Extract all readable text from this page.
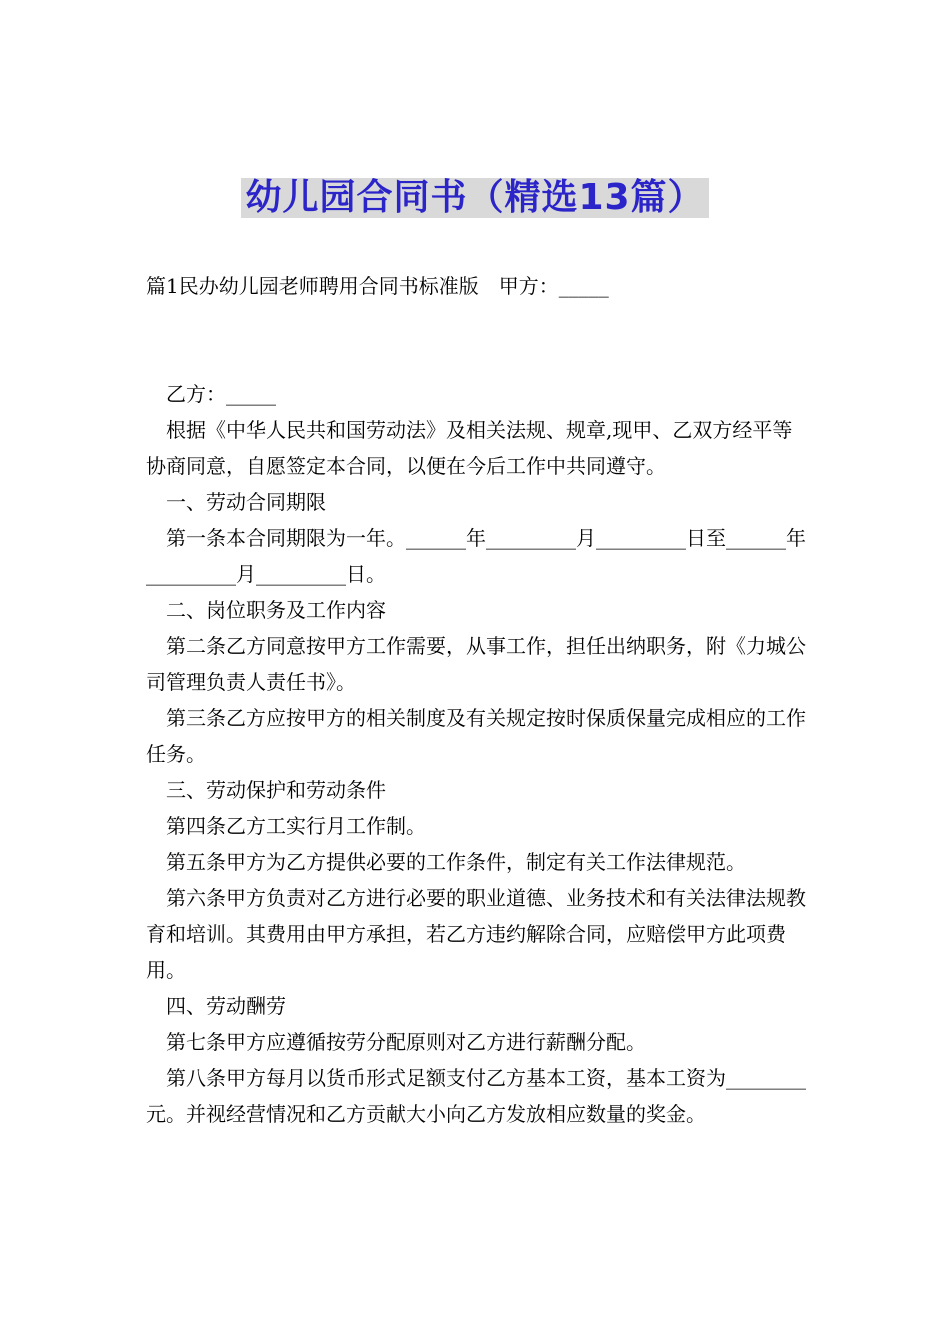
幼儿园合同书（精选13篇）

篇1民办幼儿园老师聘用合同书标准版　甲方：_____

乙方：_____

根据《中华人民共和国劳动法》及相关法规、规章,现甲、乙双方经平等协商同意，自愿签定本合同，以便在今后工作中共同遵守。

一、劳动合同期限

第一条本合同期限为一年。______年_________月_________日至______年_________月_________日。

二、岗位职务及工作内容

第二条乙方同意按甲方工作需要，从事工作，担任出纳职务，附《力城公司管理负责人责任书》。

第三条乙方应按甲方的相关制度及有关规定按时保质保量完成相应的工作任务。

三、劳动保护和劳动条件

第四条乙方工实行月工作制。

第五条甲方为乙方提供必要的工作条件，制定有关工作法律规范。

第六条甲方负责对乙方进行必要的职业道德、业务技术和有关法律法规教育和培训。其费用由甲方承担，若乙方违约解除合同，应赔偿甲方此项费用。

四、劳动酬劳

第七条甲方应遵循按劳分配原则对乙方进行薪酬分配。

第八条甲方每月以货币形式足额支付乙方基本工资，基本工资为________元。并视经营情况和乙方贡献大小向乙方发放相应数量的奖金。
